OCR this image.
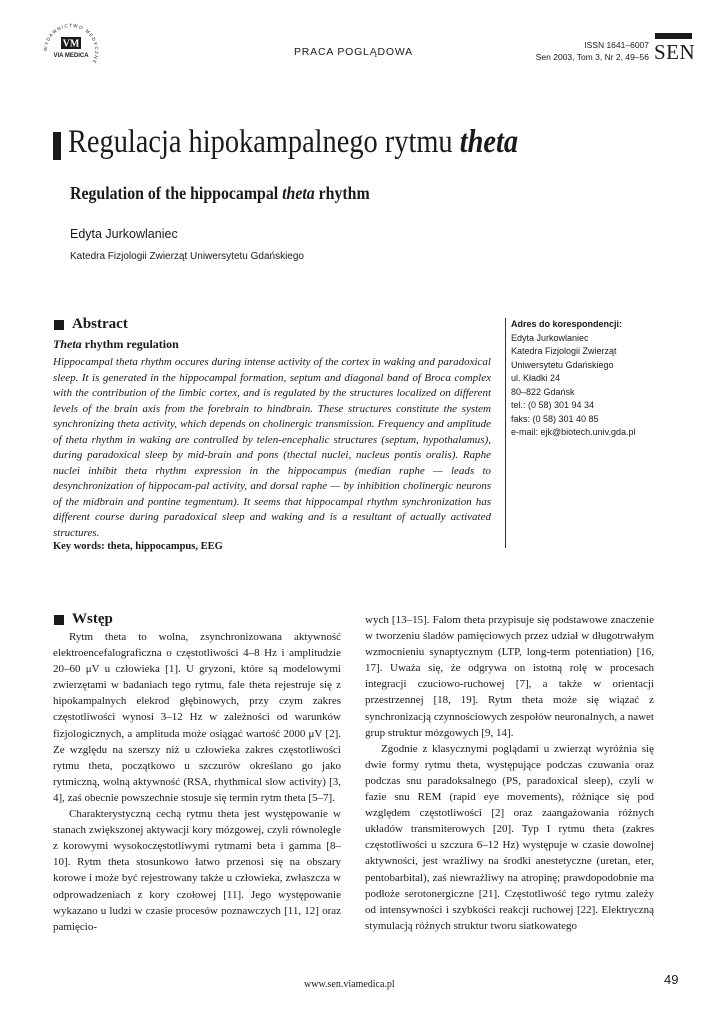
WYDAWNICTWO MEDYCZNE
VM
VIA MEDICA	PRACA POGLĄDOWA
ISSN 1641–6007
Sen 2003, Tom 3, Nr 2, 49–56 SEN
Regulacja hipokampalnego rytmu theta
Regulation of the hippocampal theta rhythm
Edyta Jurkowlaniec
Katedra Fizjologii Zwierząt Uniwersytetu Gdańskiego
Abstract
Theta rhythm regulation
Hippocampal theta rhythm occures during intense activity of the cortex in waking and paradoxical sleep. It is generated in the hippocampal formation, septum and diagonal band of Broca complex with the contribution of the limbic cortex, and is regulated by the structures localized on different levels of the brain axis from the forebrain to hindbrain. These structures constitute the system synchronizing theta activity, which depends on cholinergic transmission. Frequency and amplitude of theta rhythm in waking are controlled by telen-encephalic structures (septum, hypothalamus), during paradoxical sleep by mid-brain and pons (thectal nuclei, nucleus pontis oralis). Raphe nuclei inhibit theta rhythm expression in the hippocampus (median raphe — leads to desynchronization of hippocam-pal activity, and dorsal raphe — by inhibition cholinergic neurons of the midbrain and pontine tegmentum). It seems that hippocampal rhythm synchronization has different course during paradoxical sleep and waking and is a resultant of actually activated structures.
Key words: theta, hippocampus, EEG
Adres do korespondencji:
Edyta Jurkowlaniec
Katedra Fizjologii Zwierząt
Uniwersytetu Gdańskiego
ul. Kładki 24
80–822 Gdańsk
tel.: (0 58) 301 94 34
faks: (0 58) 301 40 85
e-mail: ejk@biotech.univ.gda.pl
Wstęp

Rytm theta to wolna, zsynchronizowana aktywność elektroencefalograficzna o częstotliwości 4–8 Hz i amplitudzie 20–60 μV u człowieka [1]. U gryzoni, które są modelowymi zwierzętami w badaniach tego rytmu, fale theta rejestruje się z hipokampalnych elekrod głębinowych, przy czym zakres częstotliwości wynosi 3–12 Hz w zależności od warunków fizjologicznych, a amplituda może osiągać wartość 2000 μV [2]. Ze względu na szerszy niż u człowieka zakres częstotliwości rytmu theta, początkowo u szczurów określano go jako rytmiczną, wolną aktywność (RSA, rhythmical slow activity) [3, 4], zaś obecnie powszechnie stosuje się termin rytm theta [5–7].

Charakterystyczną cechą rytmu theta jest występowanie w stanach zwiększonej aktywacji kory mózgowej, czyli równolegle z korowymi wysokoczęstotliwymi rytmami beta i gamma [8–10]. Rytm theta stosunkowo łatwo przenosi się na obszary korowe i może być rejestrowany także u człowieka, zwłaszcza w odprowadzeniach z kory czołowej [11]. Jego występowanie wykazano u ludzi w czasie procesów poznawczych [11, 12] oraz pamięcio-

wych [13–15]. Falom theta przypisuje się podstawowe znaczenie w tworzeniu śladów pamięciowych przez udział w długotrwałym wzmocnieniu synaptycznym (LTP, long-term potentiation) [16, 17]. Uważa się, że odgrywa on istotną rolę w procesach integracji czuciowo-ruchowej [7], a także w orientacji przestrzennej [18, 19]. Rytm theta może się wiązać z synchronizacją czynnościowych zespołów neuronalnych, a nawet grup struktur mózgowych [9, 14].

Zgodnie z klasycznymi poglądami u zwierząt wyróżnia się dwie formy rytmu theta, występujące podczas czuwania oraz podczas snu paradoksalnego (PS, paradoxical sleep), czyli w fazie snu REM (rapid eye movements), różniące się pod względem częstotliwości [2] oraz zaangażowania różnych układów transmiterowych [20]. Typ I rytmu theta (zakres częstotliwości u szczura 6–12 Hz) występuje w czasie dowolnej aktywności, jest wrażliwy na środki anestetyczne (uretan, eter, pentobarbital), zaś niewrażliwy na atropinę; prawdopodobnie ma podłoże serotonergiczne [21]. Częstotliwość tego rytmu zależy od intensywności i szybkości reakcji ruchowej [22]. Elektryczną stymulacją różnych struktur tworu siatkowatego

www.sen.viamedica.pl	49
